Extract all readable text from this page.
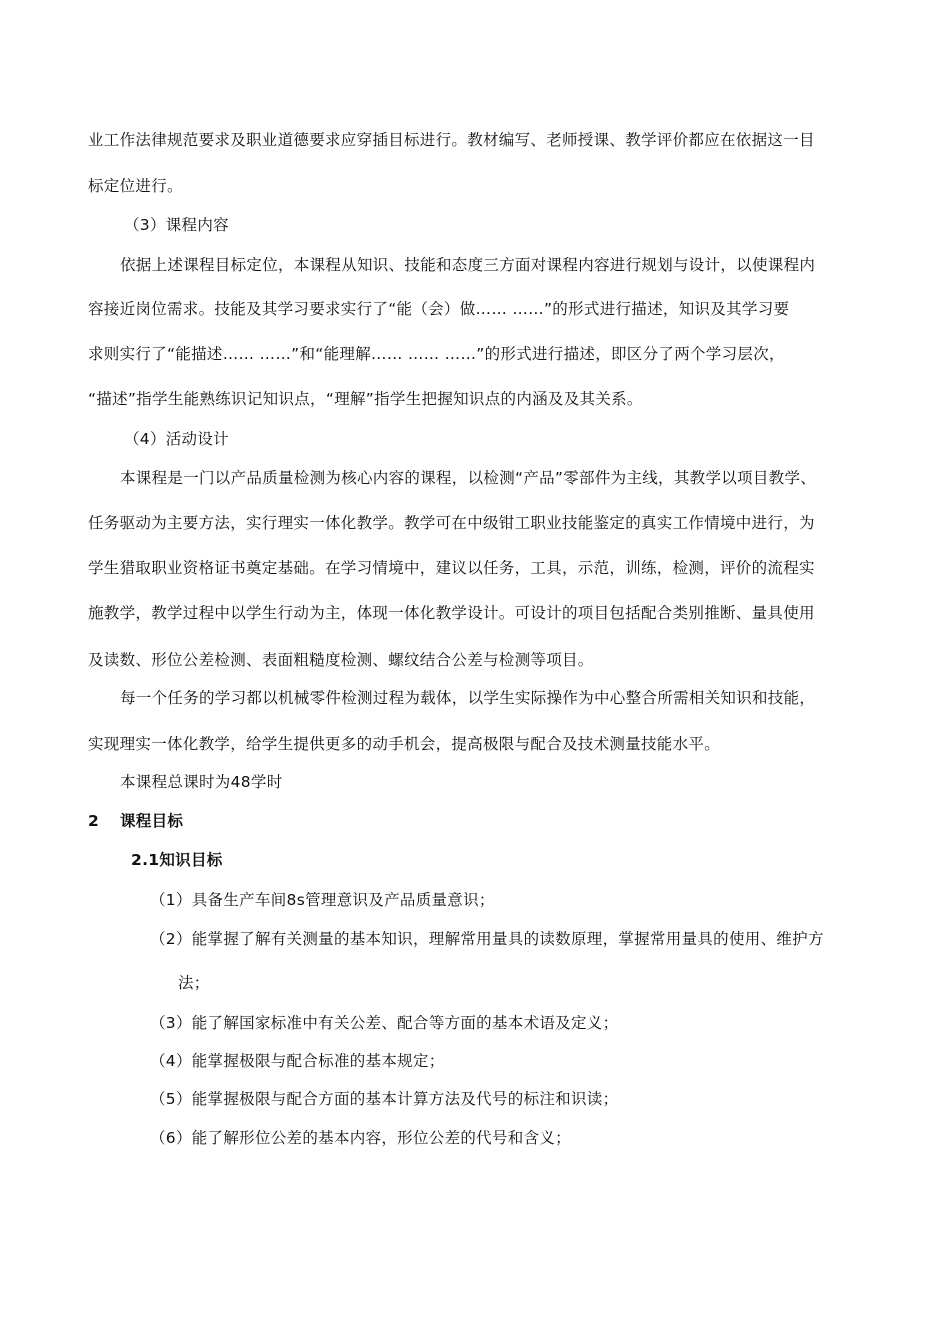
业工作法律规范要求及职业道德要求应穿插目标进行。教材编写、老师授课、教学评价都应在依据这一目
标定位进行。
（3）课程内容
依据上述课程目标定位，本课程从知识、技能和态度三方面对课程内容进行规划与设计，以使课程内
容接近岗位需求。技能及其学习要求实行了“能（会）做…… ……”的形式进行描述，知识及其学习要
求则实行了“能描述…… ……”和“能理解…… …… ……”的形式进行描述，即区分了两个学习层次，
“描述”指学生能熟练识记知识点，“理解”指学生把握知识点的内涵及及其关系。
（4）活动设计
本课程是一门以产品质量检测为核心内容的课程，以检测“产品”零部件为主线，其教学以项目教学、
任务驱动为主要方法，实行理实一体化教学。教学可在中级钳工职业技能鉴定的真实工作情境中进行，为
学生猎取职业资格证书奠定基础。在学习情境中，建议以任务，工具，示范，训练，检测，评价的流程实
施教学，教学过程中以学生行动为主，体现一体化教学设计。可设计的项目包括配合类别推断、量具使用
及读数、形位公差检测、表面粗糙度检测、螺纹结合公差与检测等项目。
每一个任务的学习都以机械零件检测过程为载体，以学生实际操作为中心整合所需相关知识和技能，
实现理实一体化教学，给学生提供更多的动手机会，提高极限与配合及技术测量技能水平。
本课程总课时为48学时
2 课程目标
2.1知识目标
（1）具备生产车间8s管理意识及产品质量意识；
（2）能掌握了解有关测量的基本知识，理解常用量具的读数原理，掌握常用量具的使用、维护方
法；
（3）能了解国家标准中有关公差、配合等方面的基本术语及定义；
（4）能掌握极限与配合标准的基本规定；
（5）能掌握极限与配合方面的基本计算方法及代号的标注和识读；
（6）能了解形位公差的基本内容，形位公差的代号和含义；
